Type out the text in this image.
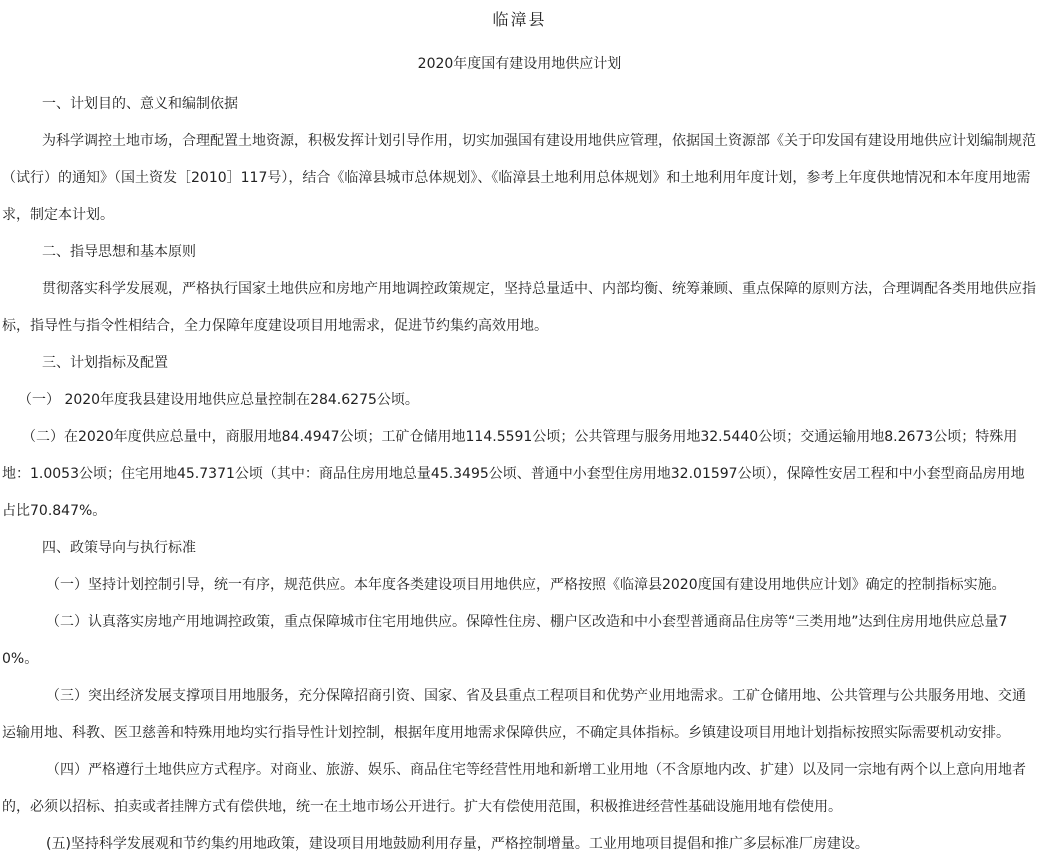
临漳县
2020年度国有建设用地供应计划

一、计划目的、意义和编制依据

为科学调控土地市场，合理配置土地资源，积极发挥计划引导作用，切实加强国有建设用地供应管理，依据国土资源部《关于印发国有建设用地供应计划编制规范（试行）的通知》（国土资发［2010］117号），结合《临漳县城市总体规划》、《临漳县土地利用总体规划》和土地利用年度计划，参考上年度供地情况和本年度用地需求，制定本计划。

二、指导思想和基本原则

贯彻落实科学发展观，严格执行国家土地供应和房地产用地调控政策规定，坚持总量适中、内部均衡、统筹兼顾、重点保障的原则方法，合理调配各类用地供应指标，指导性与指令性相结合，全力保障年度建设项目用地需求，促进节约集约高效用地。

三、计划指标及配置

（一） 2020年度我县建设用地供应总量控制在284.6275公顷。

（二）在2020年度供应总量中，商服用地84.4947公顷；工矿仓储用地114.5591公顷；公共管理与服务用地32.5440公顷；交通运输用地8.2673公顷；特殊用地：1.0053公顷；住宅用地45.7371公顷（其中：商品住房用地总量45.3495公顷、普通中小套型住房用地32.01597公顷），保障性安居工程和中小套型商品房用地占比70.847%。

四、政策导向与执行标准

（一）坚持计划控制引导，统一有序，规范供应。本年度各类建设项目用地供应，严格按照《临漳县2020度国有建设用地供应计划》确定的控制指标实施。

（二）认真落实房地产用地调控政策，重点保障城市住宅用地供应。保障性住房、棚户区改造和中小套型普通商品住房等“三类用地”达到住房用地供应总量70%。

（三）突出经济发展支撑项目用地服务，充分保障招商引资、国家、省及县重点工程项目和优势产业用地需求。工矿仓储用地、公共管理与公共服务用地、交通运输用地、科教、医卫慈善和特殊用地均实行指导性计划控制，根据年度用地需求保障供应，不确定具体指标。乡镇建设项目用地计划指标按照实际需要机动安排。

（四）严格遵行土地供应方式程序。对商业、旅游、娱乐、商品住宅等经营性用地和新增工业用地（不含原地内改、扩建）以及同一宗地有两个以上意向用地者的，必须以招标、拍卖或者挂牌方式有偿供地，统一在土地市场公开进行。扩大有偿使用范围，积极推进经营性基础设施用地有偿使用。

(五)坚持科学发展观和节约集约用地政策，建设项目用地鼓励利用存量，严格控制增量。工业用地项目提倡和推广多层标准厂房建设。
